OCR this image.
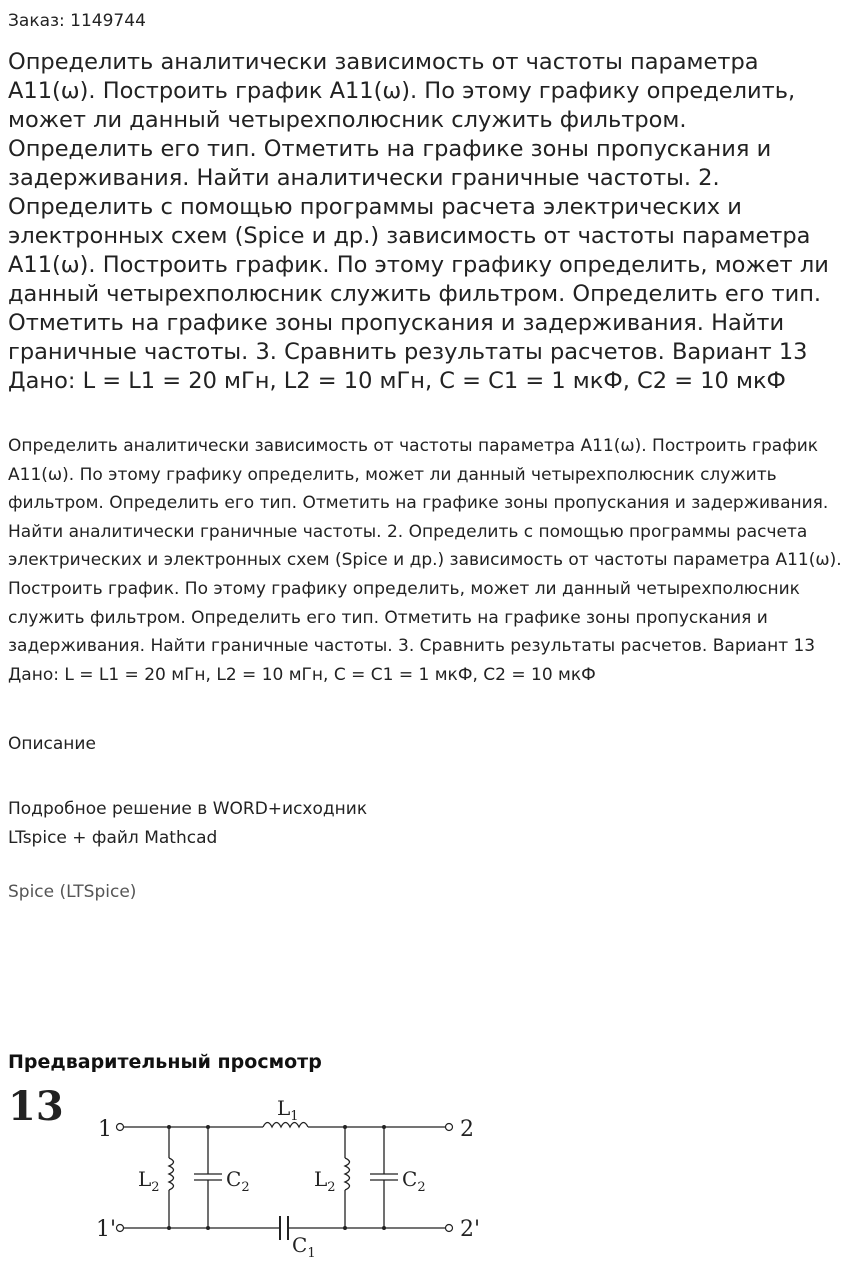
Заказ: 1149744
Определить аналитически зависимость от частоты параметра A11(ω). Построить график A11(ω). По этому графику определить, может ли данный четырехполюсник служить фильтром. Определить его тип. Отметить на графике зоны пропускания и задерживания. Найти аналитически граничные частоты. 2. Определить с помощью программы расчета электрических и электронных схем (Spice и др.) зависимость от частоты параметра A11(ω). Построить график. По этому графику определить, может ли данный четырехполюсник служить фильтром. Определить его тип. Отметить на графике зоны пропускания и задерживания. Найти граничные частоты. 3. Сравнить результаты расчетов. Вариант 13 Дано: L = L1 = 20 мГн, L2 = 10 мГн, C = C1 = 1 мкФ, C2 = 10 мкФ
Определить аналитически зависимость от частоты параметра A11(ω). Построить график A11(ω). По этому графику определить, может ли данный четырехполюсник служить фильтром. Определить его тип. Отметить на графике зоны пропускания и задерживания. Найти аналитически граничные частоты. 2. Определить с помощью программы расчета электрических и электронных схем (Spice и др.) зависимость от частоты параметра A11(ω). Построить график. По этому графику определить, может ли данный четырехполюсник служить фильтром. Определить его тип. Отметить на графике зоны пропускания и задерживания. Найти граничные частоты. 3. Сравнить результаты расчетов. Вариант 13 Дано: L = L1 = 20 мГн, L2 = 10 мГн, C = C1 = 1 мкФ, C2 = 10 мкФ
Описание
Подробное решение в WORD+исходник
LTspice + файл Mathcad
Spice (LTSpice)
Предварительный просмотр
13 1
1'
2
2'
$L_1$
$L_2$	$C_2$	$L_2$	$C_2$
$C_1$
